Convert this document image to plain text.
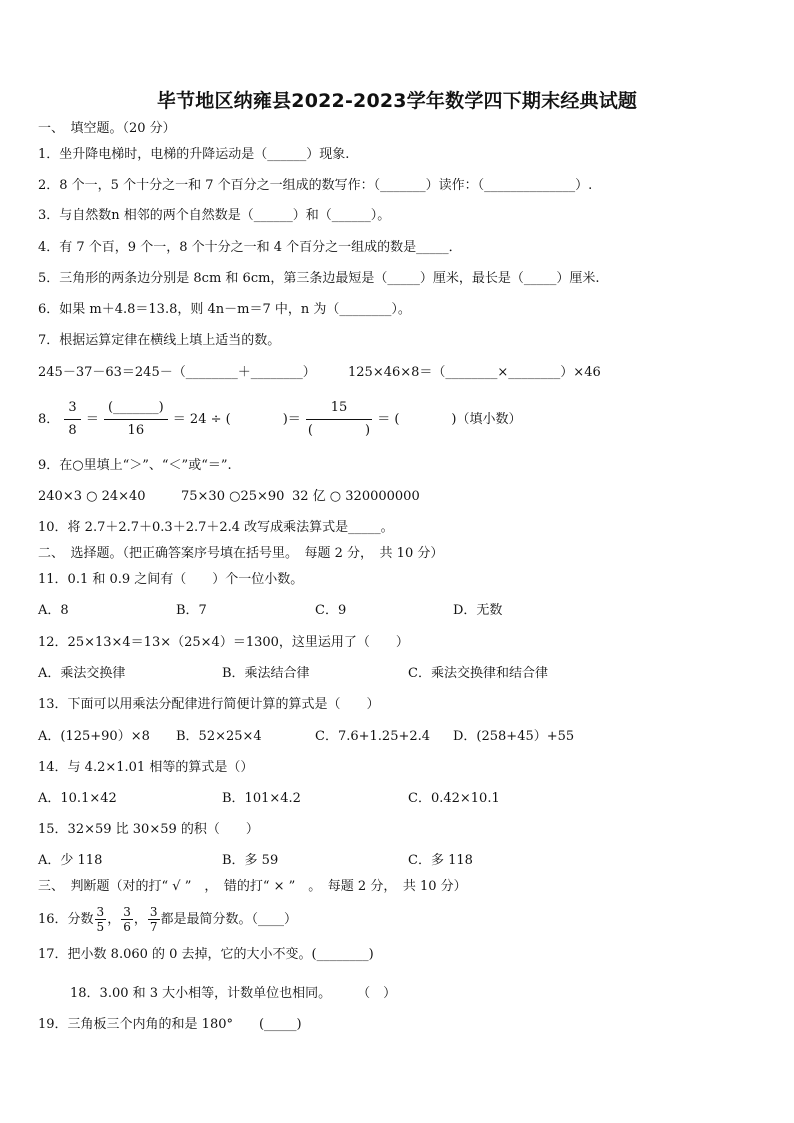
毕节地区纳雍县2022-2023学年数学四下期末经典试题
一、　填空题。（20 分）
1．坐升降电梯时，电梯的升降运动是（______）现象.
2．8 个一，5 个十分之一和 7 个百分之一组成的数写作：（_______）读作：（______________）.
3．与自然数n 相邻的两个自然数是（______）和（______）。
4．有 7 个百，9 个一，8 个十分之一和 4 个百分之一组成的数是_____．
5．三角形的两条边分别是 8cm 和 6cm，第三条边最短是（_____）厘米，最长是（_____）厘米.
6．如果 m＋4.8＝13.8，则 4n－m＝7 中，n 为（________）。
7．根据运算定律在横线上填上适当的数。
245－37－63＝245－（________＋________） 125×46×8＝（________×________）×46
8． $\frac{3}{8} = \frac{(\_\_\_\_\_\_\_)}{16} = 24$ ÷ (　　　　)＝ $\frac{15}{( )}$ ＝ (　　　　)（填小数）
9．在○里填上“＞”、“＜”或“＝”.
240×3 ○ 24×40	75×30 ○25×90 32 亿 ○ 320000000
10．将 2.7＋2.7＋0.3＋2.7＋2.4 改写成乘法算式是_____。
二、　选择题。（把正确答案序号填在括号里。　每题 2 分，　共 10 分）
11．0.1 和 0.9 之间有（　　）个一位小数。
A．8	B．7	C．9	D．无数
12．25×13×4＝13×（25×4）＝1300，这里运用了（　　）
A．乘法交换律	B．乘法结合律	C．乘法交换律和结合律
13．下面可以用乘法分配律进行简便计算的算式是（　　）
A．(125+90）×8 B．52×25×4	C．7.6+1.25+2.4 D．(258+45）+55
14．与 4.2×1.01 相等的算式是（）
A．10.1×42	B．101×4.2	C．0.42×10.1
15．32×59 比 30×59 的积（　　）
A．少 118	B．多 59	C．多 118
三、　判断题（对的打“ √ ”　，　错的打“ × ”　。　每题 2 分，　共 10 分）
16．分数 $\frac{3}{5}$ ， $\frac{3}{6}$ ， $\frac{3}{7}$ 都是最简分数。（____）
17．把小数 8.060 的 0 去掉，它的大小不变。(________)
18．3.00 和 3 大小相等，计数单位也相同。　　　（　）
19．三角板三个内角的和是 180°　　(_____)
